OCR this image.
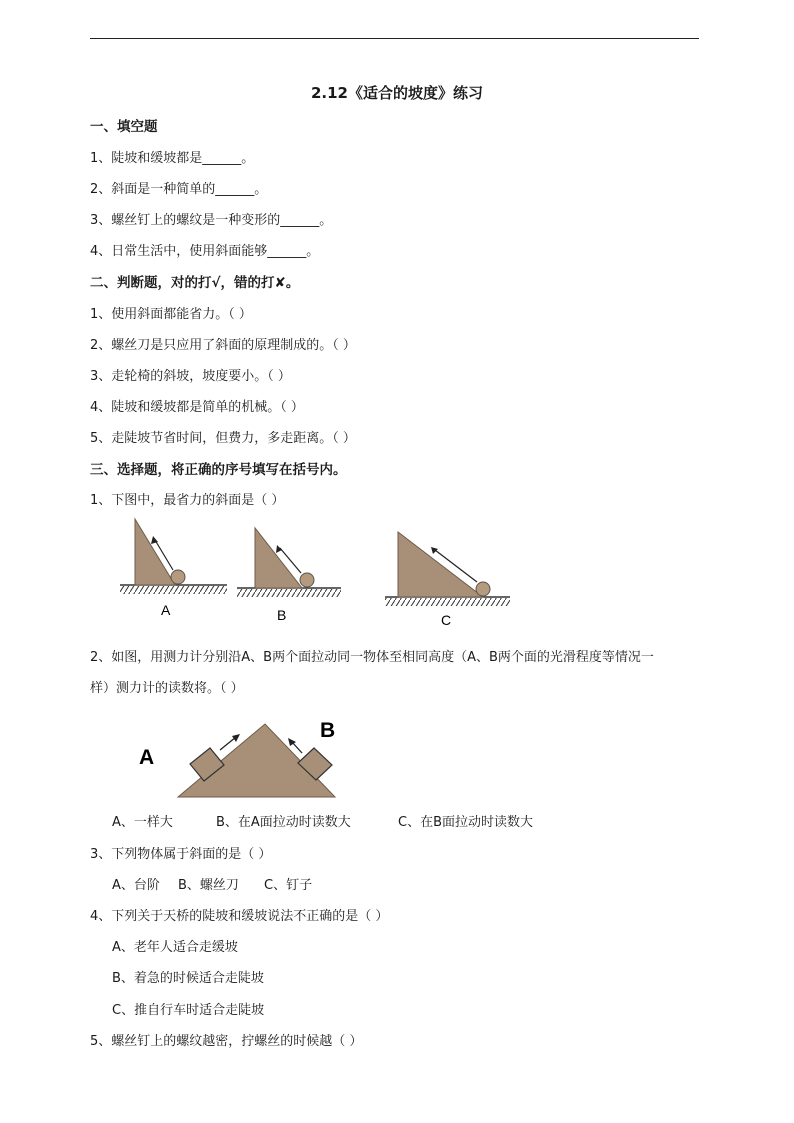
2.12《适合的坡度》练习
一、填空题
1、陡坡和缓坡都是______。
2、斜面是一种简单的______。
3、螺丝钉上的螺纹是一种变形的______。
4、日常生活中，使用斜面能够______。
二、判断题，对的打√，错的打✘。
1、使用斜面都能省力。（ ）
2、螺丝刀是只应用了斜面的原理制成的。（ ）
3、走轮椅的斜坡，坡度要小。（ ）
4、陡坡和缓坡都是简单的机械。（ ）
5、走陡坡节省时间，但费力，多走距离。（ ）
三、选择题，将正确的序号填写在括号内。
1、下图中，最省力的斜面是（ ）
A	B	C
2、如图，用测力计分别沿A、B两个面拉动同一物体至相同高度（A、B两个面的光滑程度等情况一
样）测力计的读数将。（ ）
A
B
A、一样大	B、在A面拉动时读数大	C、在B面拉动时读数大
3、下列物体属于斜面的是（ ）
A、台阶 B、螺丝刀 C、钉子
4、下列关于天桥的陡坡和缓坡说法不正确的是（ ）
A、老年人适合走缓坡
B、着急的时候适合走陡坡
C、推自行车时适合走陡坡
5、螺丝钉上的螺纹越密，拧螺丝的时候越（ ）
